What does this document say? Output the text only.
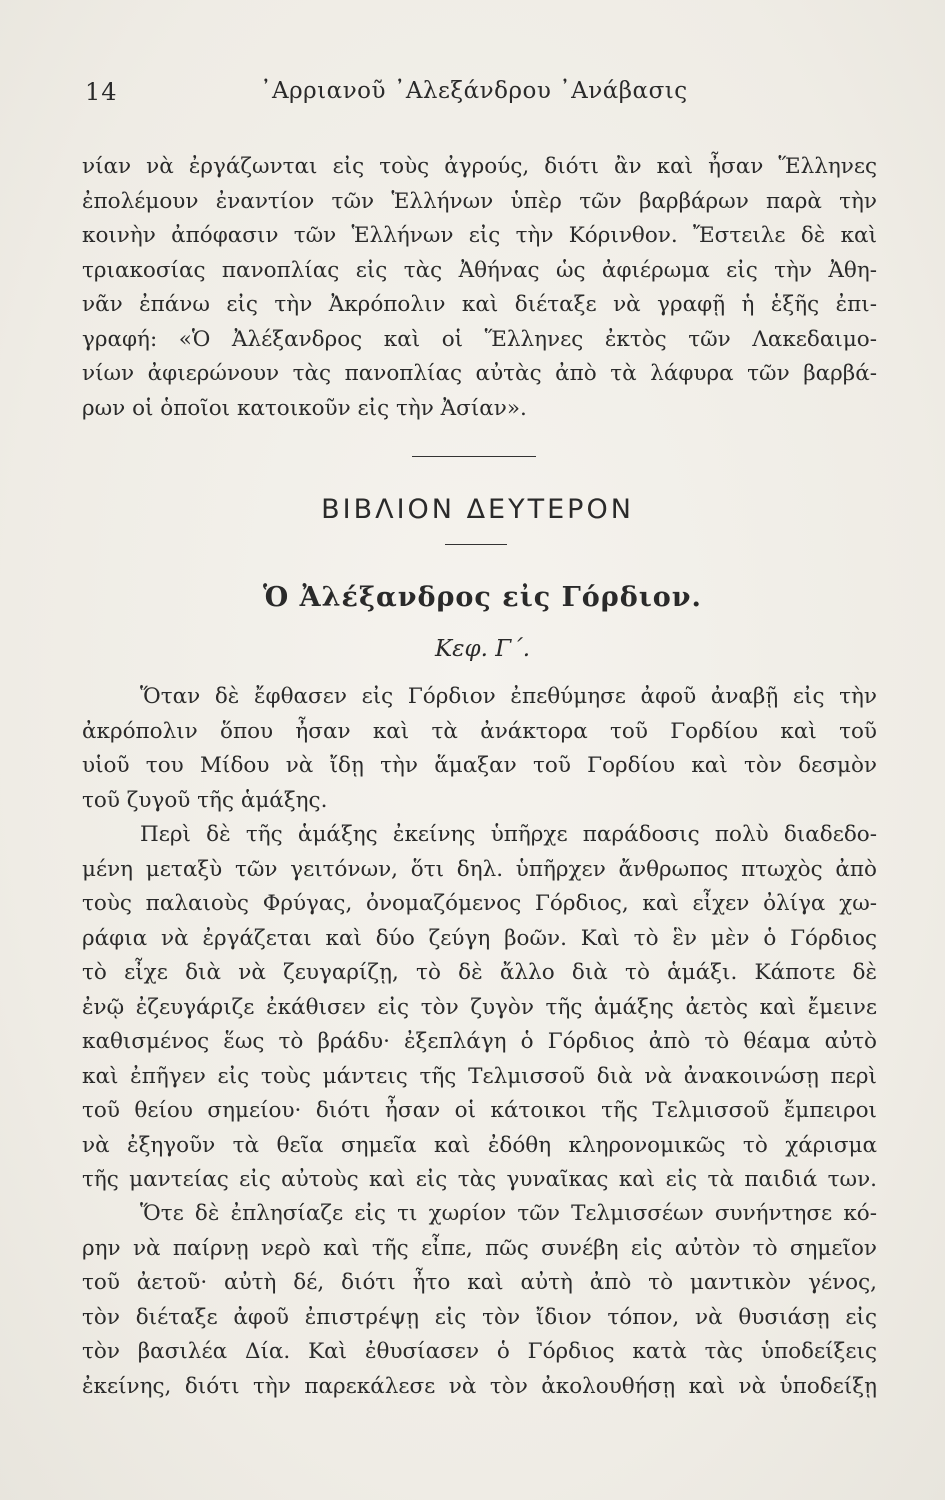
14	᾿Αρριανοῦ ᾿Αλεξάνδρου ᾿Ανάβασις
νίαν νὰ ἐργάζωνται εἰς τοὺς ἀγρούς, διότι ἂν καὶ ἦσαν Ἕλληνες
ἐπολέμουν ἐναντίον τῶν Ἑλλήνων ὑπὲρ τῶν βαρβάρων παρὰ τὴν
κοινὴν ἀπόφασιν τῶν Ἑλλήνων εἰς τὴν Κόρινθον. Ἔστειλε δὲ καὶ
τριακοσίας πανοπλίας εἰς τὰς Ἀθήνας ὡς ἀφιέρωμα εἰς τὴν Ἀθη-
νᾶν ἐπάνω εἰς τὴν Ἀκρόπολιν καὶ διέταξε νὰ γραφῇ ἡ ἑξῆς ἐπι-
γραφή: «Ὁ Ἀλέξανδρος καὶ οἱ Ἕλληνες ἐκτὸς τῶν Λακεδαιμο-
νίων ἀφιερώνουν τὰς πανοπλίας αὐτὰς ἀπὸ τὰ λάφυρα τῶν βαρβά-
ρων οἱ ὁποῖοι κατοικοῦν εἰς τὴν Ἀσίαν».
ΒΙΒΛΙΟΝ ΔΕΥΤΕΡΟΝ
Ὁ Ἀλέξανδρος εἰς Γόρδιον.
Κεφ. Γ΄.
Ὅταν δὲ ἔφθασεν εἰς Γόρδιον ἐπεθύμησε ἀφοῦ ἀναβῇ εἰς τὴν
ἀκρόπολιν ὅπου ἦσαν καὶ τὰ ἀνάκτορα τοῦ Γορδίου καὶ τοῦ
υἱοῦ του Μίδου νὰ ἴδῃ τὴν ἅμαξαν τοῦ Γορδίου καὶ τὸν δεσμὸν
τοῦ ζυγοῦ τῆς ἁμάξης.
Περὶ δὲ τῆς ἁμάξης ἐκείνης ὑπῆρχε παράδοσις πολὺ διαδεδο-
μένη μεταξὺ τῶν γειτόνων, ὅτι δηλ. ὑπῆρχεν ἄνθρωπος πτωχὸς ἀπὸ
τοὺς παλαιοὺς Φρύγας, ὀνομαζόμενος Γόρδιος, καὶ εἶχεν ὀλίγα χω-
ράφια νὰ ἐργάζεται καὶ δύο ζεύγη βοῶν. Καὶ τὸ ἓν μὲν ὁ Γόρδιος
τὸ εἶχε διὰ νὰ ζευγαρίζῃ, τὸ δὲ ἄλλο διὰ τὸ ἁμάξι. Κάποτε δὲ
ἐνῷ ἐζευγάριζε ἐκάθισεν εἰς τὸν ζυγὸν τῆς ἁμάξης ἀετὸς καὶ ἔμεινε
καθισμένος ἕως τὸ βράδυ· ἐξεπλάγη ὁ Γόρδιος ἀπὸ τὸ θέαμα αὐτὸ
καὶ ἐπῆγεν εἰς τοὺς μάντεις τῆς Τελμισσοῦ διὰ νὰ ἀνακοινώσῃ περὶ
τοῦ θείου σημείου· διότι ἦσαν οἱ κάτοικοι τῆς Τελμισσοῦ ἔμπειροι
νὰ ἐξηγοῦν τὰ θεῖα σημεῖα καὶ ἐδόθη κληρονομικῶς τὸ χάρισμα
τῆς μαντείας εἰς αὐτοὺς καὶ εἰς τὰς γυναῖκας καὶ εἰς τὰ παιδιά των.
Ὅτε δὲ ἐπλησίαζε εἰς τι χωρίον τῶν Τελμισσέων συνήντησε κό-
ρην νὰ παίρνῃ νερὸ καὶ τῆς εἶπε, πῶς συνέβη εἰς αὐτὸν τὸ σημεῖον
τοῦ ἀετοῦ· αὐτὴ δέ, διότι ἦτο καὶ αὐτὴ ἀπὸ τὸ μαντικὸν γένος,
τὸν διέταξε ἀφοῦ ἐπιστρέψῃ εἰς τὸν ἴδιον τόπον, νὰ θυσιάσῃ εἰς
τὸν βασιλέα Δία. Καὶ ἐθυσίασεν ὁ Γόρδιος κατὰ τὰς ὑποδείξεις
ἐκείνης, διότι τὴν παρεκάλεσε νὰ τὸν ἀκολουθήσῃ καὶ νὰ ὑποδείξῃ
